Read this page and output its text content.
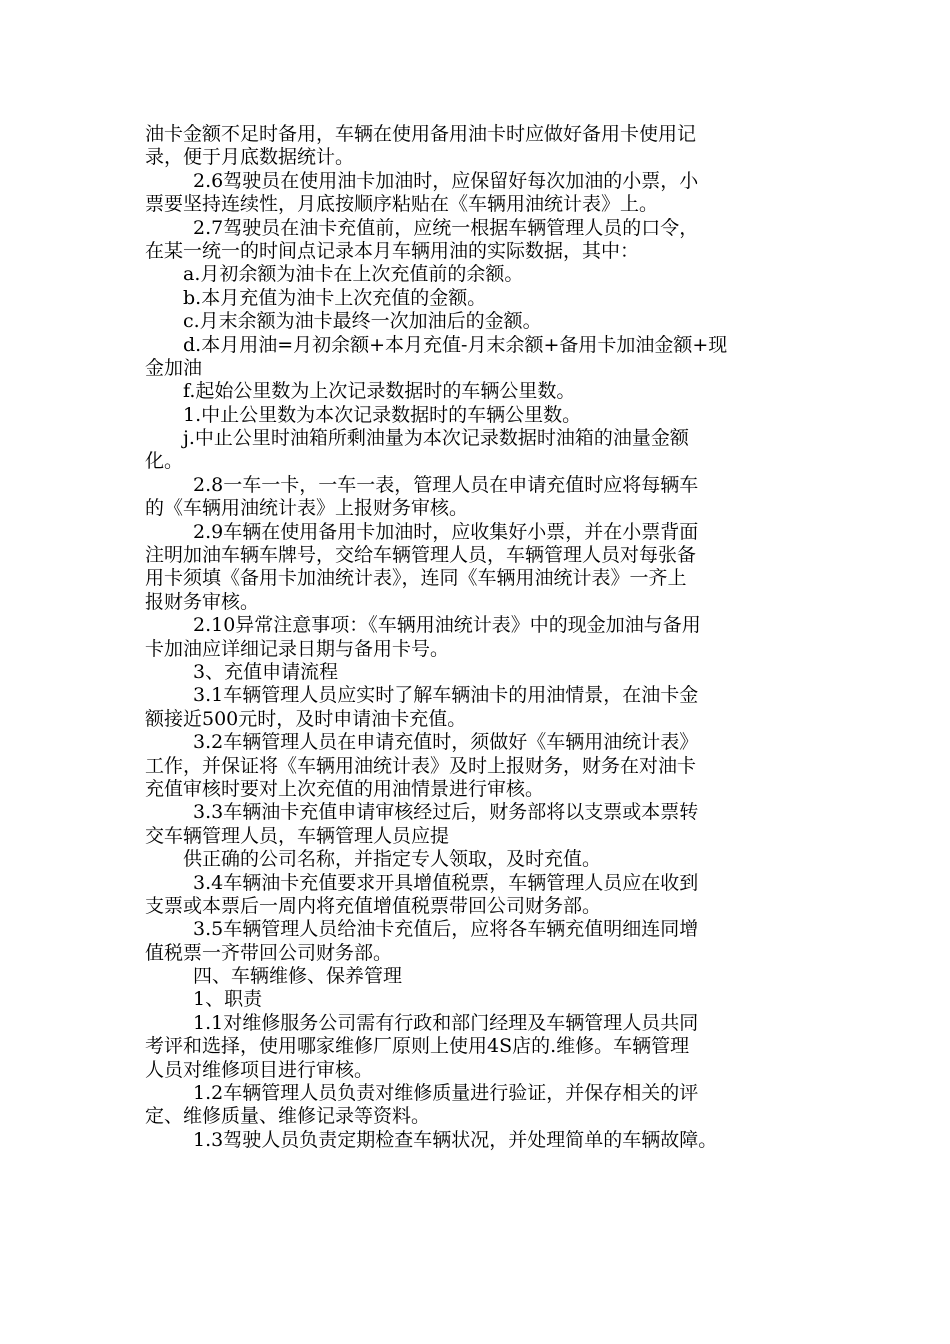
油卡金额不足时备用，车辆在使用备用油卡时应做好备用卡使用记
录，便于月底数据统计。
2.6驾驶员在使用油卡加油时，应保留好每次加油的小票，小
票要坚持连续性，月底按顺序粘贴在《车辆用油统计表》上。
2.7驾驶员在油卡充值前，应统一根据车辆管理人员的口令，
在某一统一的时间点记录本月车辆用油的实际数据，其中：
a.月初余额为油卡在上次充值前的余额。
b.本月充值为油卡上次充值的金额。
c.月末余额为油卡最终一次加油后的金额。
d.本月用油=月初余额+本月充值-月末余额+备用卡加油金额+现
金加油
f.起始公里数为上次记录数据时的车辆公里数。
1.中止公里数为本次记录数据时的车辆公里数。
j.中止公里时油箱所剩油量为本次记录数据时油箱的油量金额
化。
2.8一车一卡，一车一表，管理人员在申请充值时应将每辆车
的《车辆用油统计表》上报财务审核。
2.9车辆在使用备用卡加油时，应收集好小票，并在小票背面
注明加油车辆车牌号，交给车辆管理人员，车辆管理人员对每张备
用卡须填《备用卡加油统计表》，连同《车辆用油统计表》一齐上
报财务审核。
2.10异常注意事项：《车辆用油统计表》中的现金加油与备用
卡加油应详细记录日期与备用卡号。
3、充值申请流程
3.1车辆管理人员应实时了解车辆油卡的用油情景，在油卡金
额接近500元时，及时申请油卡充值。
3.2车辆管理人员在申请充值时，须做好《车辆用油统计表》
工作，并保证将《车辆用油统计表》及时上报财务，财务在对油卡
充值审核时要对上次充值的用油情景进行审核。
3.3车辆油卡充值申请审核经过后，财务部将以支票或本票转
交车辆管理人员，车辆管理人员应提
供正确的公司名称，并指定专人领取，及时充值。
3.4车辆油卡充值要求开具增值税票，车辆管理人员应在收到
支票或本票后一周内将充值增值税票带回公司财务部。
3.5车辆管理人员给油卡充值后，应将各车辆充值明细连同增
值税票一齐带回公司财务部。
四、车辆维修、保养管理
1、职责
1.1对维修服务公司需有行政和部门经理及车辆管理人员共同
考评和选择，使用哪家维修厂原则上使用4S店的.维修。车辆管理
人员对维修项目进行审核。
1.2车辆管理人员负责对维修质量进行验证，并保存相关的评
定、维修质量、维修记录等资料。
1.3驾驶人员负责定期检查车辆状况，并处理简单的车辆故障。
